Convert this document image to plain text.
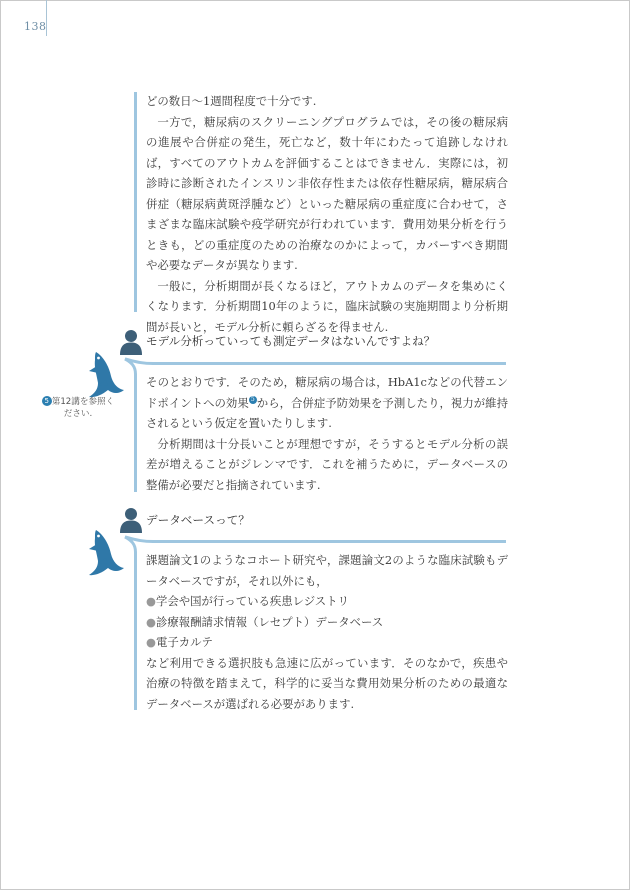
138

どの数日〜1週間程度で十分です.

一方で，糖尿病のスクリーニングプログラムでは，その後の糖尿病の進展や合併症の発生，死亡など，数十年にわたって追跡しなければ，すべてのアウトカムを評価することはできません．実際には，初診時に診断されたインスリン非依存性または依存性糖尿病，糖尿病合併症（糖尿病黄斑浮腫など）といった糖尿病の重症度に合わせて，さまざまな臨床試験や疫学研究が行われています．費用効果分析を行うときも，どの重症度のための治療なのかによって，カバーすべき期間や必要なデータが異なります.

一般に，分析期間が長くなるほど，アウトカムのデータを集めにくくなります．分析期間10年のように，臨床試験の実施期間より分析期間が長いと，モデル分析に頼らざるを得ません.

モデル分析っていっても測定データはないんですよね？
5 第12講を参照ください.

そのとおりです．そのため，糖尿病の場合は，HbA1cなどの代替エンドポイントへの効果 5 から，合併症予防効果を予測したり，視力が維持されるという仮定を置いたりします.

分析期間は十分長いことが理想ですが，そうするとモデル分析の誤差が増えることがジレンマです．これを補うために，データベースの整備が必要だと指摘されています.

データベースって？

課題論文1のようなコホート研究や，課題論文2のような臨床試験もデータベースですが，それ以外にも，

●学会や国が行っている疾患レジストリ

●診療報酬請求情報（レセプト）データベース

●電子カルテ

など利用できる選択肢も急速に広がっています．そのなかで，疾患や治療の特徴を踏まえて，科学的に妥当な費用効果分析のための最適なデータベースが選ばれる必要があります.
